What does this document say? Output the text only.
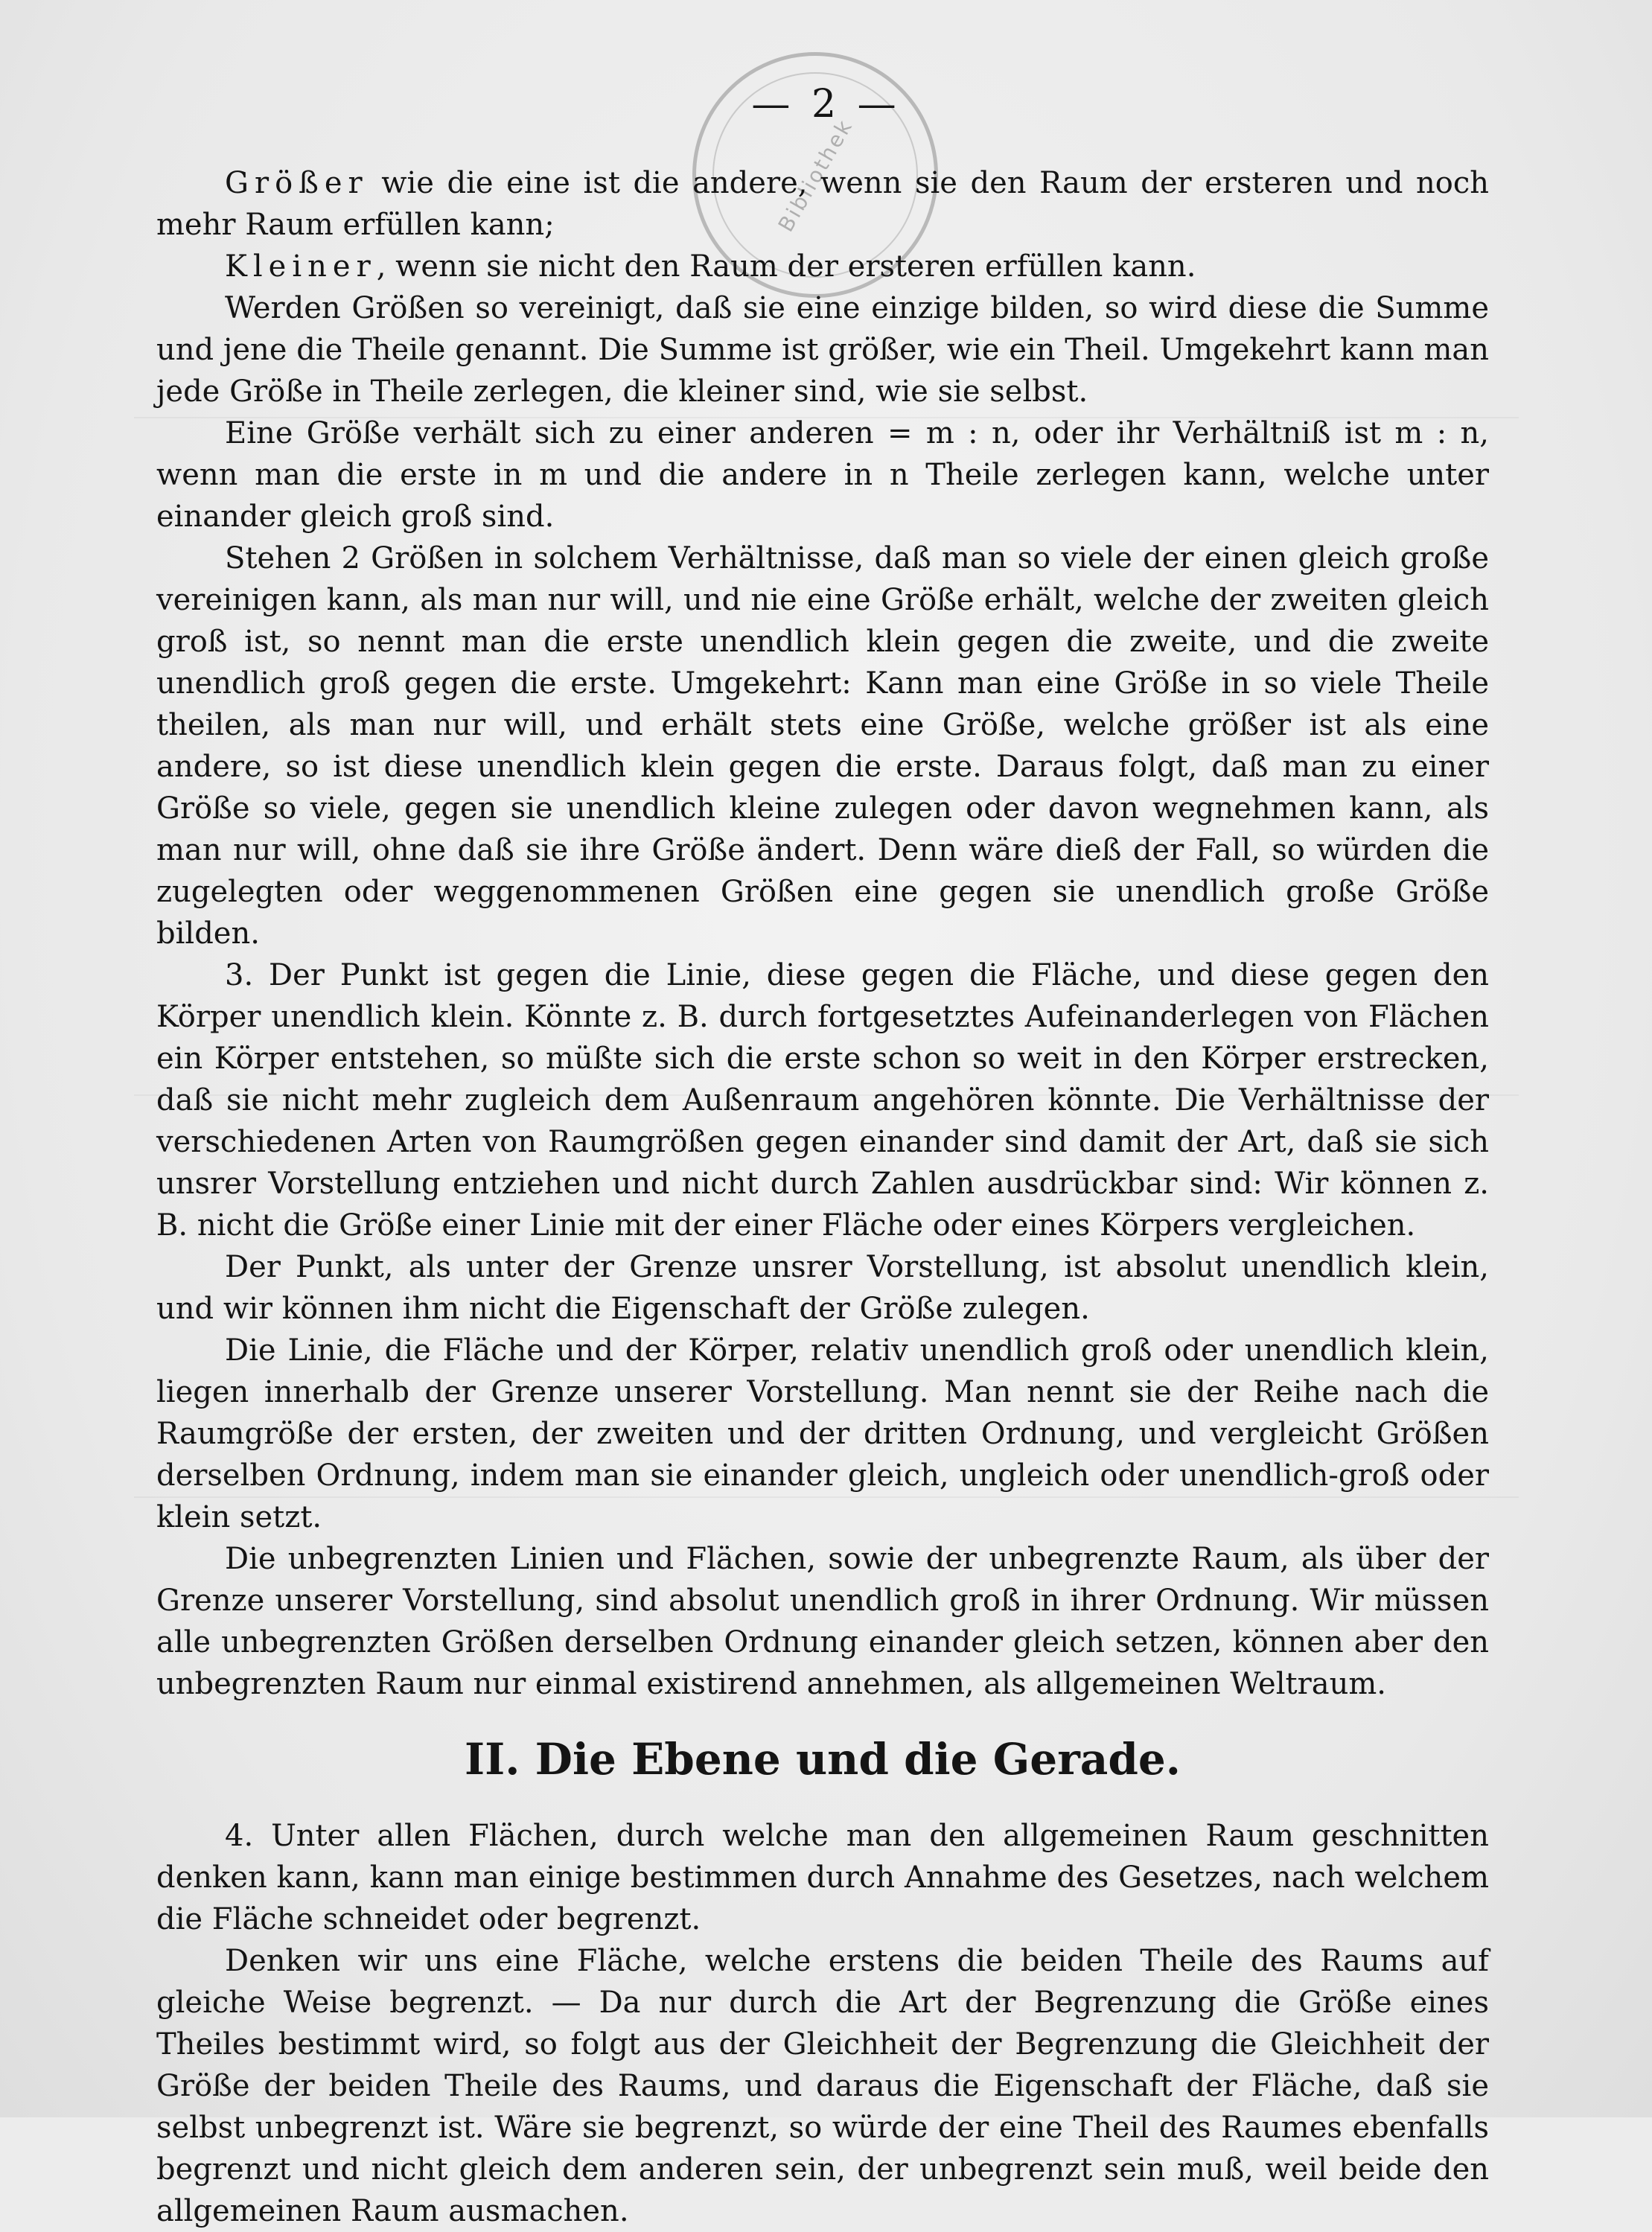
Bibliothek
— 2 —

Größer wie die eine ist die andere, wenn sie den Raum der ersteren und noch mehr Raum erfüllen kann;

Kleiner, wenn sie nicht den Raum der ersteren erfüllen kann.

Werden Größen so vereinigt, daß sie eine einzige bilden, so wird diese die Summe und jene die Theile genannt. Die Summe ist größer, wie ein Theil. Umgekehrt kann man jede Größe in Theile zerlegen, die kleiner sind, wie sie selbst.

Eine Größe verhält sich zu einer anderen = m : n, oder ihr Verhältniß ist m : n, wenn man die erste in m und die andere in n Theile zerlegen kann, welche unter einander gleich groß sind.

Stehen 2 Größen in solchem Verhältnisse, daß man so viele der einen gleich große vereinigen kann, als man nur will, und nie eine Größe erhält, welche der zweiten gleich groß ist, so nennt man die erste unendlich klein gegen die zweite, und die zweite unendlich groß gegen die erste. Umgekehrt: Kann man eine Größe in so viele Theile theilen, als man nur will, und erhält stets eine Größe, welche größer ist als eine andere, so ist diese unendlich klein gegen die erste. Daraus folgt, daß man zu einer Größe so viele, gegen sie unendlich kleine zulegen oder davon wegnehmen kann, als man nur will, ohne daß sie ihre Größe ändert. Denn wäre dieß der Fall, so würden die zugelegten oder weggenommenen Größen eine gegen sie unendlich große Größe bilden.

3. Der Punkt ist gegen die Linie, diese gegen die Fläche, und diese gegen den Körper unendlich klein. Könnte z. B. durch fortgesetztes Aufeinanderlegen von Flächen ein Körper entstehen, so müßte sich die erste schon so weit in den Körper erstrecken, daß sie nicht mehr zugleich dem Außenraum angehören könnte. Die Verhältnisse der verschiedenen Arten von Raumgrößen gegen einander sind damit der Art, daß sie sich unsrer Vorstellung entziehen und nicht durch Zahlen ausdrückbar sind: Wir können z. B. nicht die Größe einer Linie mit der einer Fläche oder eines Körpers vergleichen.

Der Punkt, als unter der Grenze unsrer Vorstellung, ist absolut unendlich klein, und wir können ihm nicht die Eigenschaft der Größe zulegen.

Die Linie, die Fläche und der Körper, relativ unendlich groß oder unendlich klein, liegen innerhalb der Grenze unserer Vorstellung. Man nennt sie der Reihe nach die Raumgröße der ersten, der zweiten und der dritten Ordnung, und vergleicht Größen derselben Ordnung, indem man sie einander gleich, ungleich oder unendlich-groß oder klein setzt.

Die unbegrenzten Linien und Flächen, sowie der unbegrenzte Raum, als über der Grenze unserer Vorstellung, sind absolut unendlich groß in ihrer Ordnung. Wir müssen alle unbegrenzten Größen derselben Ordnung einander gleich setzen, können aber den unbegrenzten Raum nur einmal existirend annehmen, als allgemeinen Weltraum.

II. Die Ebene und die Gerade.

4. Unter allen Flächen, durch welche man den allgemeinen Raum geschnitten denken kann, kann man einige bestimmen durch Annahme des Gesetzes, nach welchem die Fläche schneidet oder begrenzt.

Denken wir uns eine Fläche, welche erstens die beiden Theile des Raums auf gleiche Weise begrenzt. — Da nur durch die Art der Begrenzung die Größe eines Theiles bestimmt wird, so folgt aus der Gleichheit der Begrenzung die Gleichheit der Größe der beiden Theile des Raums, und daraus die Eigenschaft der Fläche, daß sie selbst unbegrenzt ist. Wäre sie begrenzt, so würde der eine Theil des Raumes ebenfalls begrenzt und nicht gleich dem anderen sein, der unbegrenzt sein muß, weil beide den allgemeinen Raum ausmachen.
